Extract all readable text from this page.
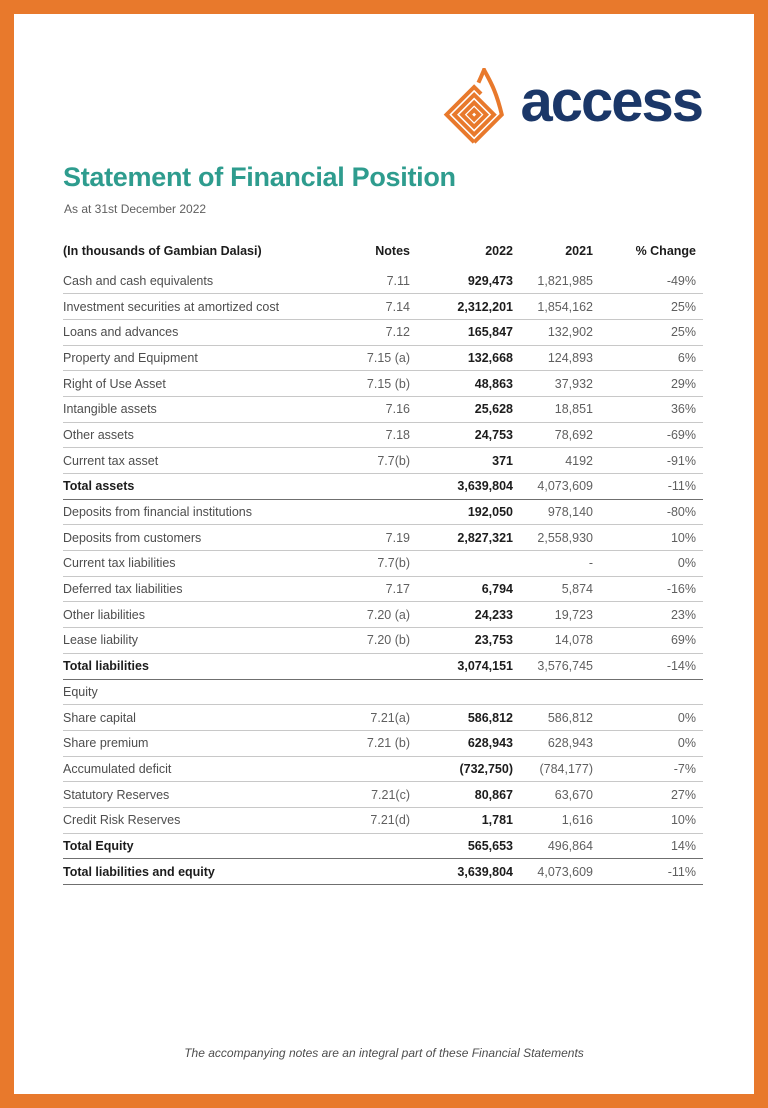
access
Statement of Financial Position
As at 31st December 2022
(In thousands of Gambian Dalasi)	Notes	2022	2021	% Change	
Cash and cash equivalents	7.11	929,473	1,821,985	-49%	
Investment securities at amortized cost	7.14	2,312,201	1,854,162	25%	
Loans and advances	7.12	165,847	132,902	25%	
Property and Equipment	7.15 (a)	132,668	124,893	6%	
Right of Use Asset	7.15 (b)	48,863	37,932	29%	
Intangible assets	7.16	25,628	18,851	36%	
Other assets	7.18	24,753	78,692	-69%	
Current tax asset	7.7(b)	371	4192	-91%	
Total assets		3,639,804	4,073,609	-11%	
Deposits from financial institutions		192,050	978,140	-80%	
Deposits from customers	7.19	2,827,321	2,558,930	10%	
Current tax liabilities	7.7(b)		-	0%	
Deferred tax liabilities	7.17	6,794	5,874	-16%	
Other liabilities	7.20 (a)	24,233	19,723	23%	
Lease liability	7.20 (b)	23,753	14,078	69%	
Total liabilities		3,074,151	3,576,745	-14%	
Equity					
Share capital	7.21(a)	586,812	586,812	0%	
Share premium	7.21 (b)	628,943	628,943	0%	
Accumulated deficit		(732,750)	(784,177)	-7%	
Statutory Reserves	7.21(c)	80,867	63,670	27%	
Credit Risk Reserves	7.21(d)	1,781	1,616	10%	
Total Equity		565,653	496,864	14%	
Total liabilities and equity		3,639,804	4,073,609	-11%	
The accompanying notes are an integral part of these Financial Statements
